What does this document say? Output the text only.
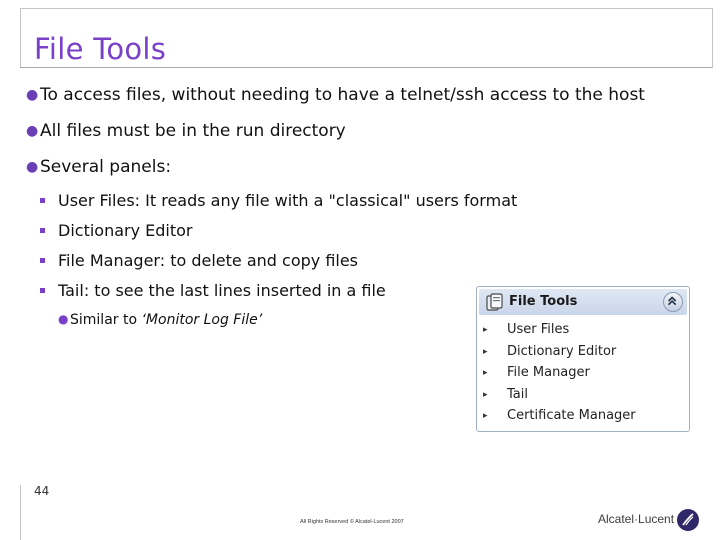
File Tools
● To access files, without needing to have a telnet/ssh access to the host
● All files must be in the run directory
● Several panels:
User Files: It reads any file with a "classical" users format
Dictionary Editor
File Manager: to delete and copy files
Tail: to see the last lines inserted in a file
● Similar to ‘Monitor Log File’
File Tools
▸ User Files
▸ Dictionary Editor
▸ File Manager
▸ Tail
▸ Certificate Manager
44
All Rights Reserved © Alcatel-Lucent 2007	Alcatel·Lucent
